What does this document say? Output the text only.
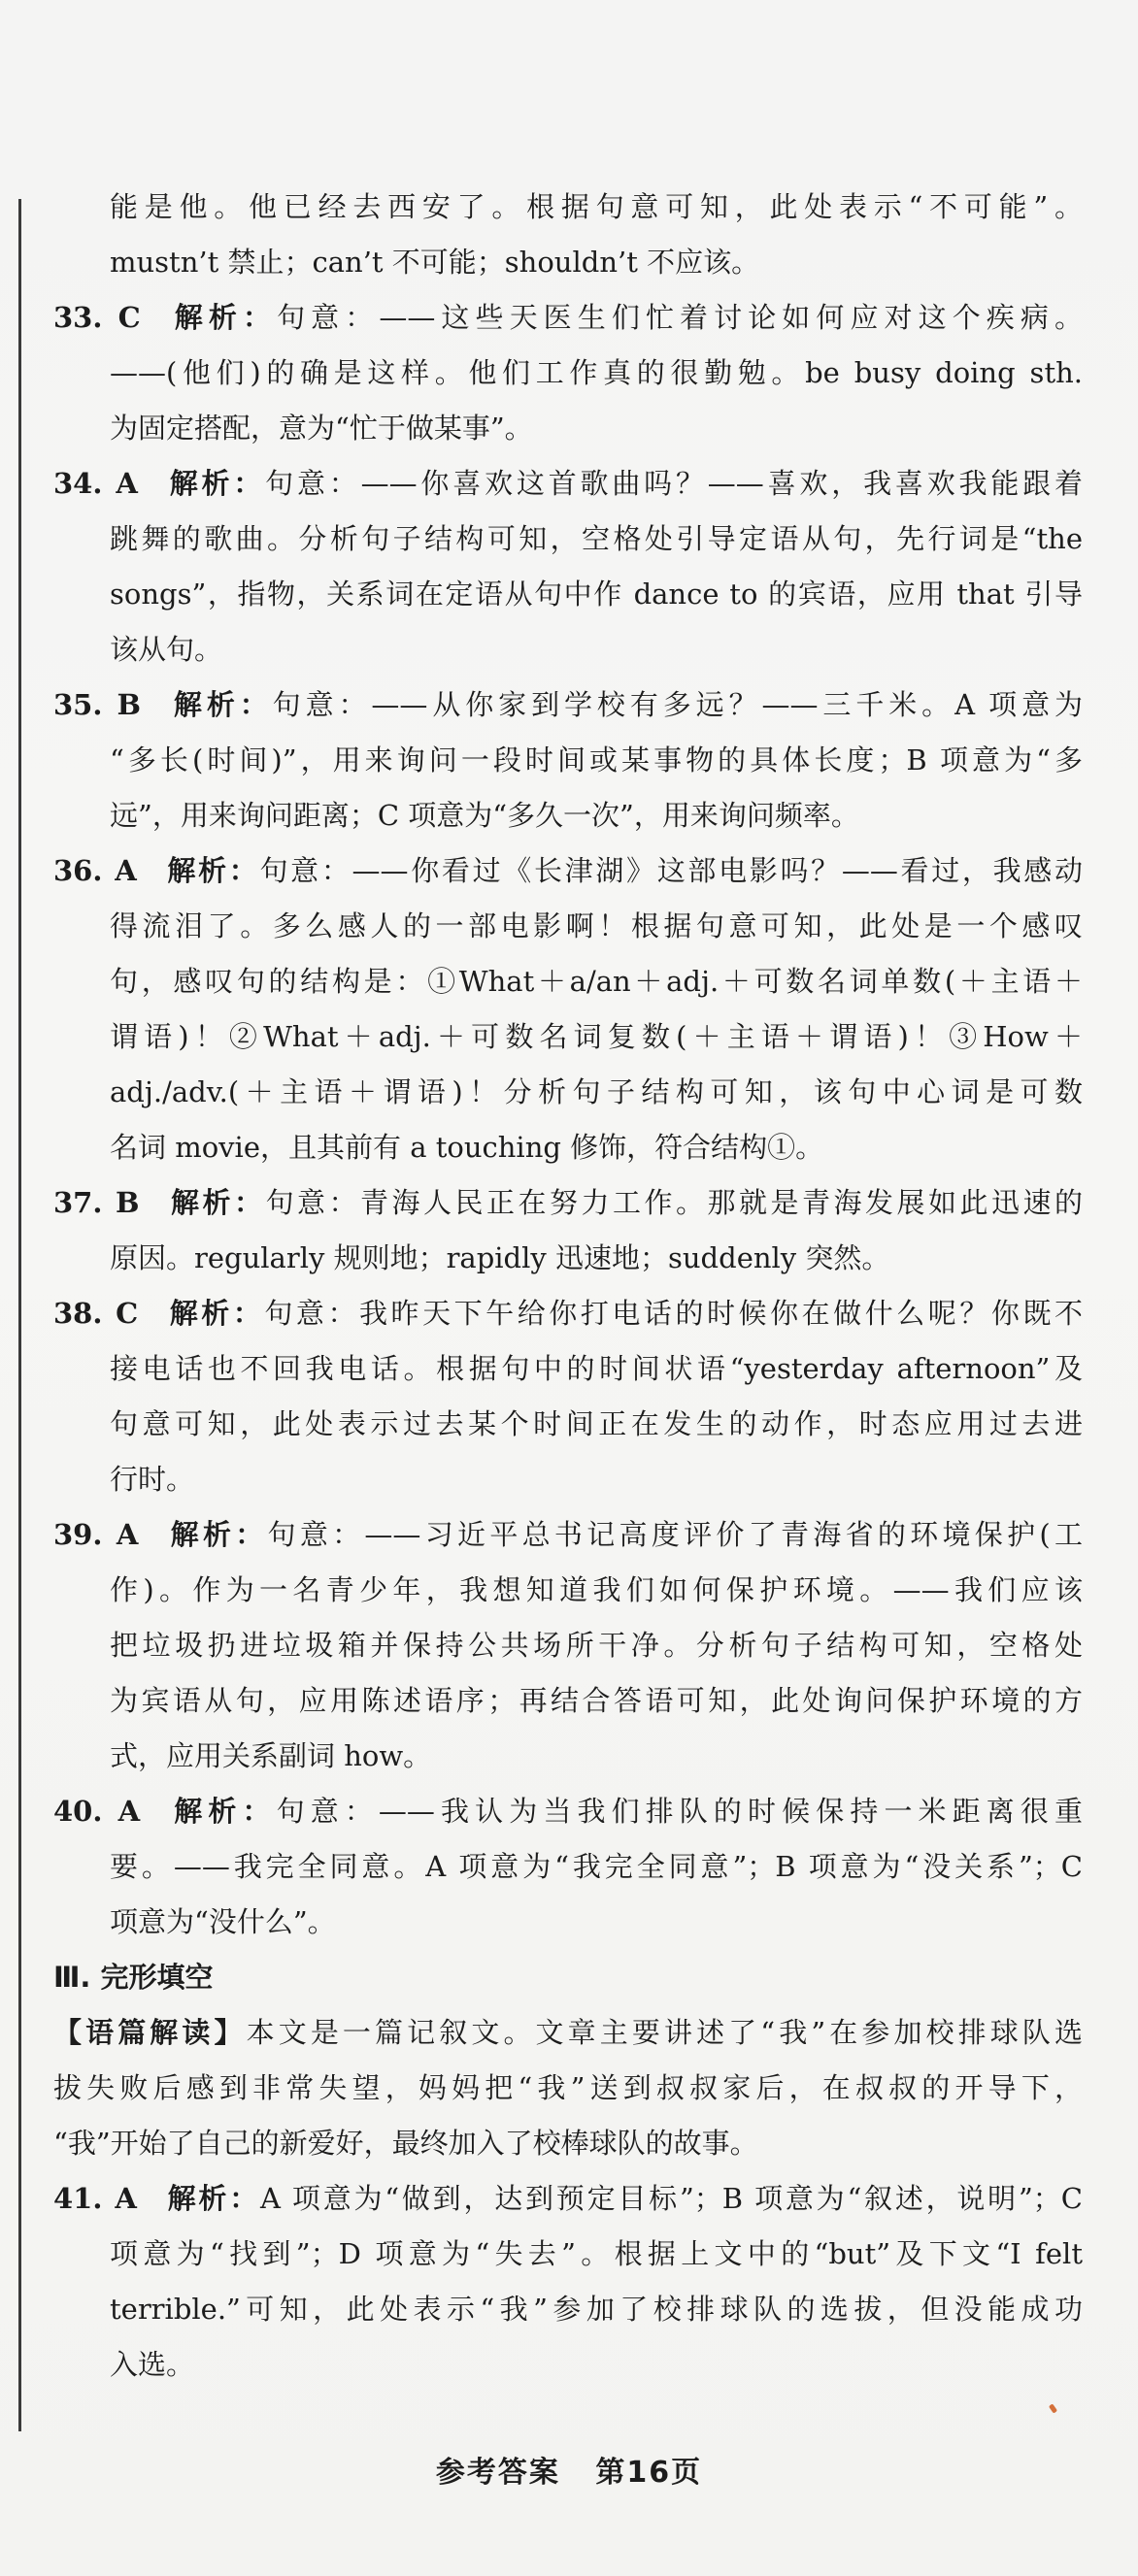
能是他。他已经去西安了。根据句意可知，此处表示“不可能”。
mustn’t 禁止；can’t 不可能；shouldn’t 不应该。
33. C  解析：句意：——这些天医生们忙着讨论如何应对这个疾病。
——(他们)的确是这样。他们工作真的很勤勉。be busy doing sth.
为固定搭配，意为“忙于做某事”。
34. A  解析：句意：——你喜欢这首歌曲吗？——喜欢，我喜欢我能跟着
跳舞的歌曲。分析句子结构可知，空格处引导定语从句，先行词是“the
songs”，指物，关系词在定语从句中作 dance to 的宾语，应用 that 引导
该从句。
35. B  解析：句意：——从你家到学校有多远？——三千米。A 项意为
“多长(时间)”，用来询问一段时间或某事物的具体长度；B 项意为“多
远”，用来询问距离；C 项意为“多久一次”，用来询问频率。
36. A  解析：句意：——你看过《长津湖》这部电影吗？——看过，我感动
得流泪了。多么感人的一部电影啊！根据句意可知，此处是一个感叹
句，感叹句的结构是：①What＋a/an＋adj.＋可数名词单数(＋主语＋
谓语)！②What＋adj.＋可数名词复数(＋主语＋谓语)！③How＋
adj./adv.(＋主语＋谓语)！分析句子结构可知，该句中心词是可数
名词 movie，且其前有 a touching 修饰，符合结构①。
37. B  解析：句意：青海人民正在努力工作。那就是青海发展如此迅速的
原因。regularly 规则地；rapidly 迅速地；suddenly 突然。
38. C  解析：句意：我昨天下午给你打电话的时候你在做什么呢？你既不
接电话也不回我电话。根据句中的时间状语“yesterday afternoon”及
句意可知，此处表示过去某个时间正在发生的动作，时态应用过去进
行时。
39. A  解析：句意：——习近平总书记高度评价了青海省的环境保护(工
作)。作为一名青少年，我想知道我们如何保护环境。——我们应该
把垃圾扔进垃圾箱并保持公共场所干净。分析句子结构可知，空格处
为宾语从句，应用陈述语序；再结合答语可知，此处询问保护环境的方
式，应用关系副词 how。
40. A  解析：句意：——我认为当我们排队的时候保持一米距离很重
要。——我完全同意。A 项意为“我完全同意”；B 项意为“没关系”；C
项意为“没什么”。
Ⅲ. 完形填空
【语篇解读】本文是一篇记叙文。文章主要讲述了“我”在参加校排球队选
拔失败后感到非常失望，妈妈把“我”送到叔叔家后，在叔叔的开导下，
“我”开始了自己的新爱好，最终加入了校棒球队的故事。
41. A  解析：A 项意为“做到，达到预定目标”；B 项意为“叙述，说明”；C
项意为“找到”；D 项意为“失去”。根据上文中的“but”及下文“I felt
terrible.”可知，此处表示“我”参加了校排球队的选拔，但没能成功
入选。
参考答案 第16页
